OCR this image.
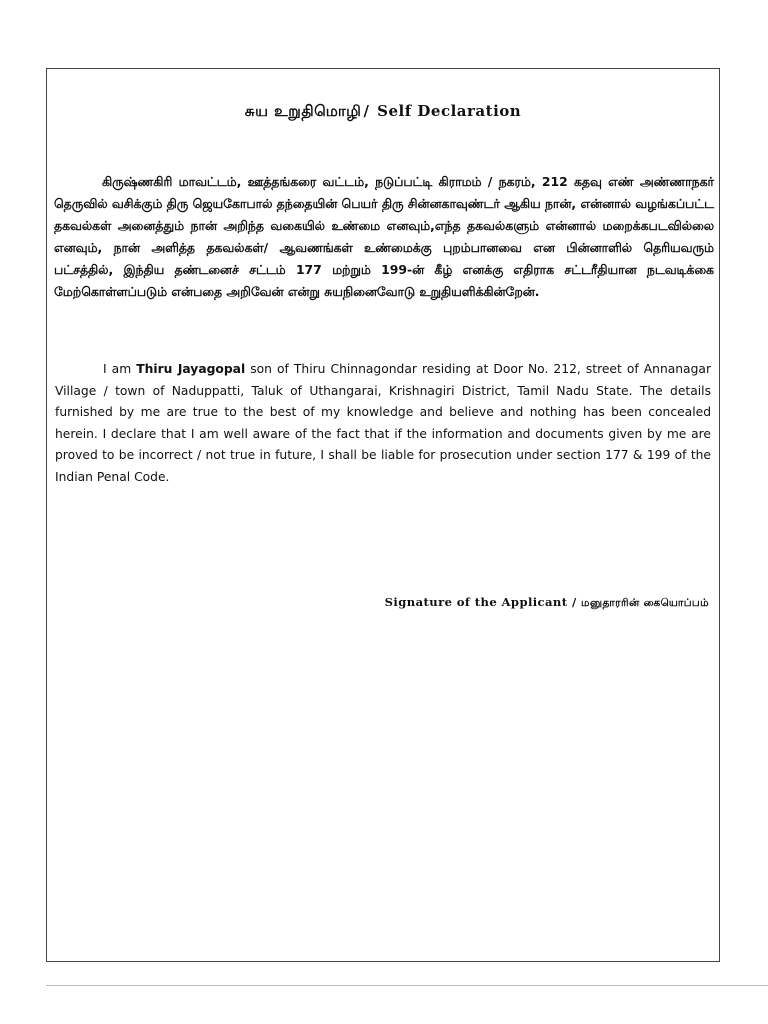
சுய உறுதிமொழி / Self Declaration

கிருஷ்ணகிரி மாவட்டம், ஊத்தங்கரை வட்டம், நடுப்பட்டி கிராமம் / நகரம், 212 கதவு எண் அண்ணாநகர் தெருவில் வசிக்கும் திரு ஜெயகோபால் தந்தையின் பெயர் திரு சின்னகாவுண்டர் ஆகிய நான், என்னால் வழங்கப்பட்ட தகவல்கள் அனைத்தும் நான் அறிந்த வகையில் உண்மை எனவும்,எந்த தகவல்களும் என்னால் மறைக்கபடவில்லை எனவும், நான் அளித்த தகவல்கள்/ ஆவணங்கள் உண்மைக்கு புறம்பானவை என பின்னாளில் தெரியவரும் பட்சத்தில், இந்திய தண்டனைச் சட்டம் 177 மற்றும் 199-ன் கீழ் எனக்கு எதிராக சட்டரீதியான நடவடிக்கை மேற்கொள்ளப்படும் என்பதை அறிவேன் என்று சுயநினைவோடு உறுதியளிக்கின்றேன்.

I am Thiru Jayagopal son of Thiru Chinnagondar residing at Door No. 212, street of Annanagar Village / town of Naduppatti, Taluk of Uthangarai, Krishnagiri District, Tamil Nadu State. The details furnished by me are true to the best of my knowledge and believe and nothing has been concealed herein. I declare that I am well aware of the fact that if the information and documents given by me are proved to be incorrect / not true in future, I shall be liable for prosecution under section 177 & 199 of the Indian Penal Code.

Signature of the Applicant / மனுதாரரின் கையொப்பம்
